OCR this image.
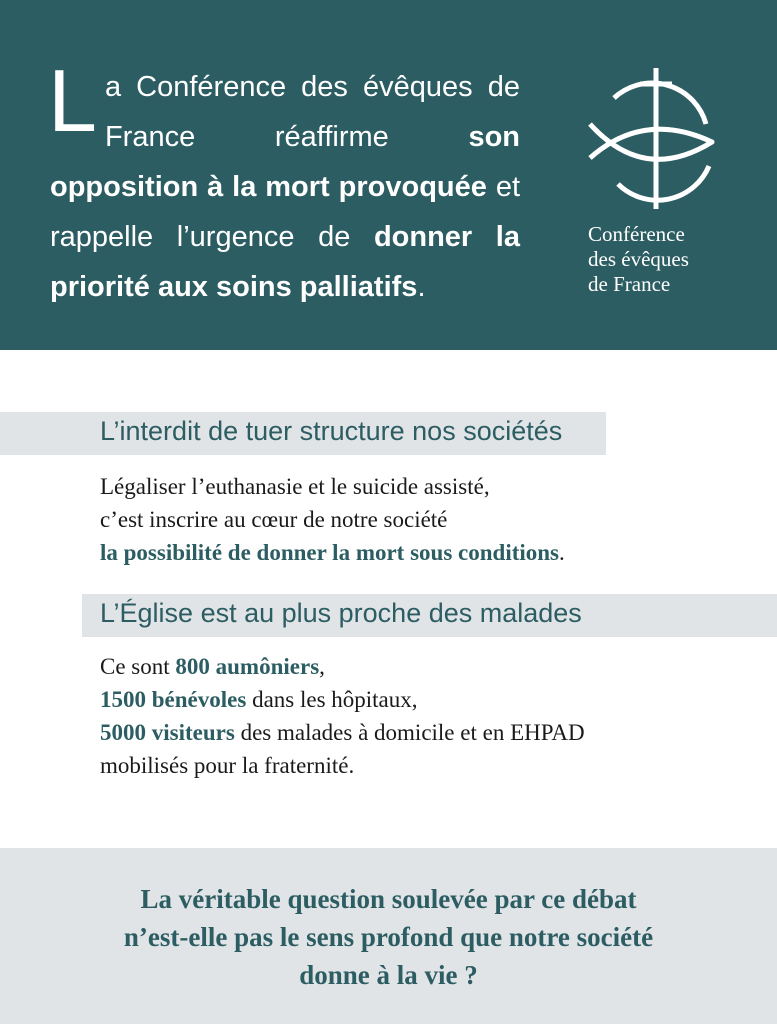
La Conférence des évêques de France réaffirme son opposition à la mort provoquée et rappelle l’urgence de donner la priorité aux soins palliatifs.
Conférence
des évêques
de France
L’interdit de tuer structure nos sociétés
Légaliser l’euthanasie et le suicide assisté,
c’est inscrire au cœur de notre société
la possibilité de donner la mort sous conditions.
L’Église est au plus proche des malades
Ce sont 800 aumôniers,
1500 bénévoles dans les hôpitaux,
5000 visiteurs des malades à domicile et en EHPAD
mobilisés pour la fraternité.
La véritable question soulevée par ce débat
n’est-elle pas le sens profond que notre société
donne à la vie ?
